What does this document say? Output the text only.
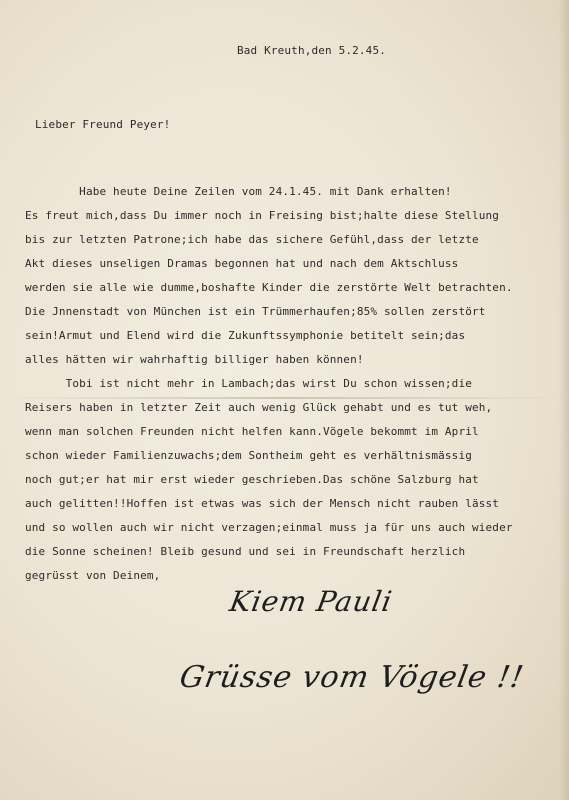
Bad Kreuth,den 5.2.45.
Lieber Freund Peyer!
Habe heute Deine Zeilen vom 24.1.45. mit Dank erhalten!
Es freut mich,dass Du immer noch in Freising bist;halte diese Stellung
bis zur letzten Patrone;ich habe das sichere Gefühl,dass der letzte
Akt dieses unseligen Dramas begonnen hat und nach dem Aktschluss
werden sie alle wie dumme,boshafte Kinder die zerstörte Welt betrachten.
Die Jnnenstadt von München ist ein Trümmerhaufen;85% sollen zerstört
sein!Armut und Elend wird die Zukunftssymphonie betitelt sein;das
alles hätten wir wahrhaftig billiger haben können!
Tobi ist nicht mehr in Lambach;das wirst Du schon wissen;die
Reisers haben in letzter Zeit auch wenig Glück gehabt und es tut weh,
wenn man solchen Freunden nicht helfen kann.Vögele bekommt im April
schon wieder Familienzuwachs;dem Sontheim geht es verhältnismässig
noch gut;er hat mir erst wieder geschrieben.Das schöne Salzburg hat
auch gelitten!!Hoffen ist etwas was sich der Mensch nicht rauben lässt
und so wollen auch wir nicht verzagen;einmal muss ja für uns auch wieder
die Sonne scheinen! Bleib gesund und sei in Freundschaft herzlich
gegrüsst von Deinem,
Kiem Pauli
Grüsse vom Vögele !!
